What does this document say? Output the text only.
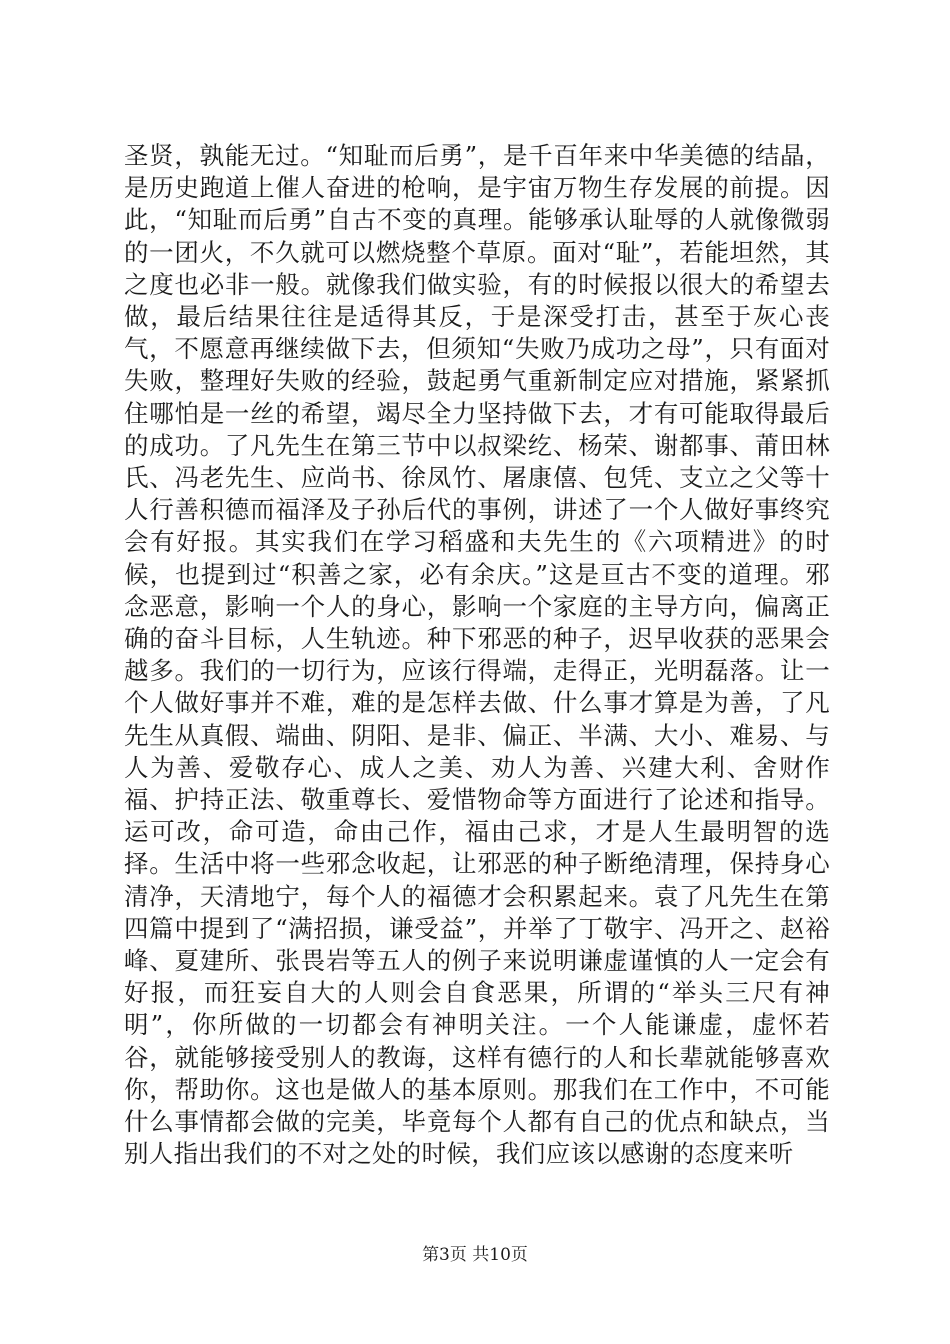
圣贤，孰能无过。“知耻而后勇”，是千百年来中华美德的结晶，是历史跑道上催人奋进的枪响，是宇宙万物生存发展的前提。因此，“知耻而后勇”自古不变的真理。能够承认耻辱的人就像微弱的一团火，不久就可以燃烧整个草原。面对“耻”，若能坦然，其之度也必非一般。就像我们做实验，有的时候报以很大的希望去做，最后结果往往是适得其反，于是深受打击，甚至于灰心丧气，不愿意再继续做下去，但须知“失败乃成功之母”，只有面对失败，整理好失败的经验，鼓起勇气重新制定应对措施，紧紧抓住哪怕是一丝的希望，竭尽全力坚持做下去，才有可能取得最后的成功。了凡先生在第三节中以叔梁纥、杨荣、谢都事、莆田林氏、冯老先生、应尚书、徐凤竹、屠康僖、包凭、支立之父等十人行善积德而福泽及子孙后代的事例，讲述了一个人做好事终究会有好报。其实我们在学习稻盛和夫先生的《六项精进》的时候，也提到过“积善之家，必有余庆。”这是亘古不变的道理。邪念恶意，影响一个人的身心，影响一个家庭的主导方向，偏离正确的奋斗目标，人生轨迹。种下邪恶的种子，迟早收获的恶果会越多。我们的一切行为，应该行得端，走得正，光明磊落。让一个人做好事并不难，难的是怎样去做、什么事才算是为善，了凡先生从真假、端曲、阴阳、是非、偏正、半满、大小、难易、与人为善、爱敬存心、成人之美、劝人为善、兴建大利、舍财作福、护持正法、敬重尊长、爱惜物命等方面进行了论述和指导。运可改，命可造，命由己作，福由己求，才是人生最明智的选择。生活中将一些邪念收起，让邪恶的种子断绝清理，保持身心清净，天清地宁，每个人的福德才会积累起来。袁了凡先生在第四篇中提到了“满招损，谦受益”，并举了丁敬宇、冯开之、赵裕峰、夏建所、张畏岩等五人的例子来说明谦虚谨慎的人一定会有好报，而狂妄自大的人则会自食恶果，所谓的“举头三尺有神明”，你所做的一切都会有神明关注。一个人能谦虚，虚怀若谷，就能够接受别人的教诲，这样有德行的人和长辈就能够喜欢你，帮助你。这也是做人的基本原则。那我们在工作中，不可能什么事情都会做的完美，毕竟每个人都有自己的优点和缺点，当别人指出我们的不对之处的时候，我们应该以感谢的态度来听

第3页 共10页
